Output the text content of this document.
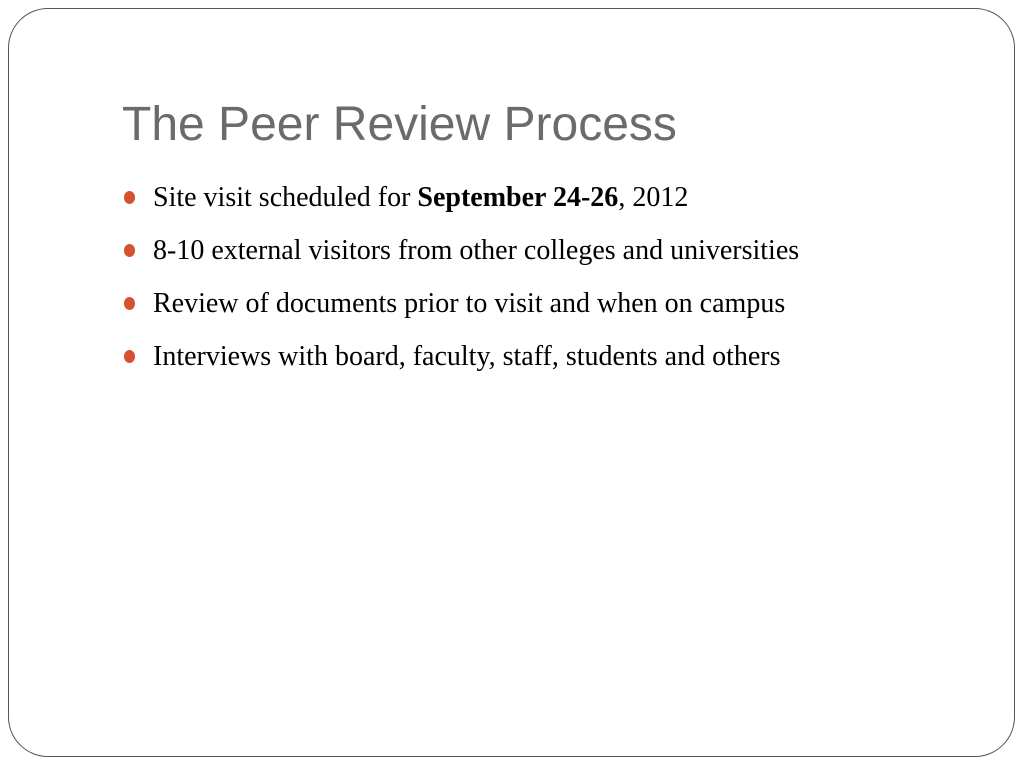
The Peer Review Process
Site visit scheduled for September 24-26, 2012
8-10 external visitors from other colleges and universities
Review of documents prior to visit and when on campus
Interviews with board, faculty, staff, students and others
